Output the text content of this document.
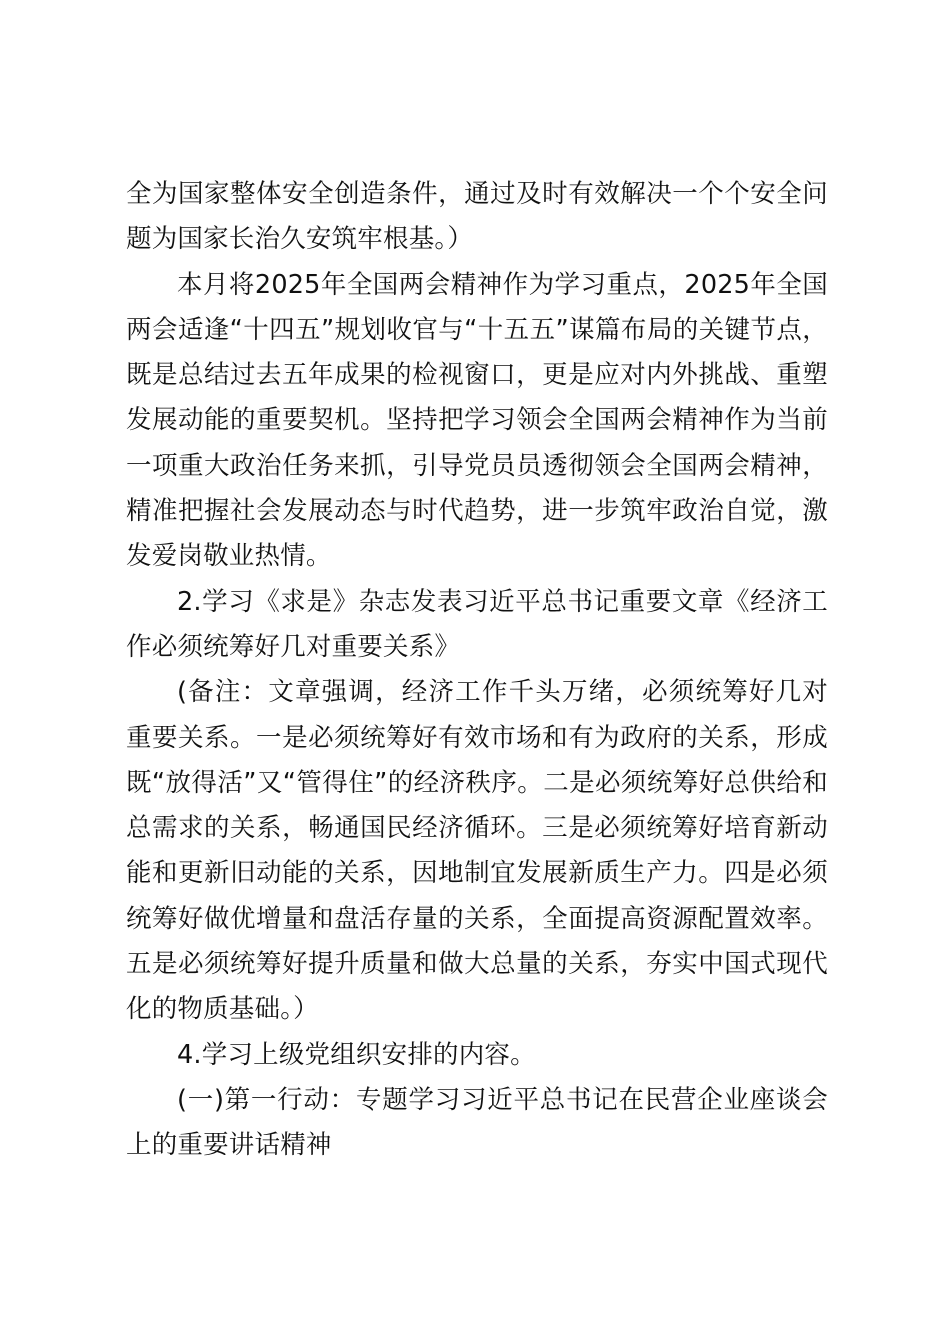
全为国家整体安全创造条件，通过及时有效解决一个个安全问题为国家长治久安筑牢根基。）

本月将2025年全国两会精神作为学习重点，2025年全国两会适逢“十四五”规划收官与“十五五”谋篇布局的关键节点，既是总结过去五年成果的检视窗口，更是应对内外挑战、重塑发展动能的重要契机。坚持把学习领会全国两会精神作为当前一项重大政治任务来抓，引导党员员透彻领会全国两会精神，精准把握社会发展动态与时代趋势，进一步筑牢政治自觉，激发爱岗敬业热情。

2.学习《求是》杂志发表习近平总书记重要文章《经济工作必须统筹好几对重要关系》

(备注：文章强调，经济工作千头万绪，必须统筹好几对重要关系。一是必须统筹好有效市场和有为政府的关系，形成既“放得活”又“管得住”的经济秩序。二是必须统筹好总供给和总需求的关系，畅通国民经济循环。三是必须统筹好培育新动能和更新旧动能的关系，因地制宜发展新质生产力。四是必须统筹好做优增量和盘活存量的关系，全面提高资源配置效率。五是必须统筹好提升质量和做大总量的关系，夯实中国式现代化的物质基础。）

4.学习上级党组织安排的内容。

(一)第一行动：专题学习习近平总书记在民营企业座谈会上的重要讲话精神
